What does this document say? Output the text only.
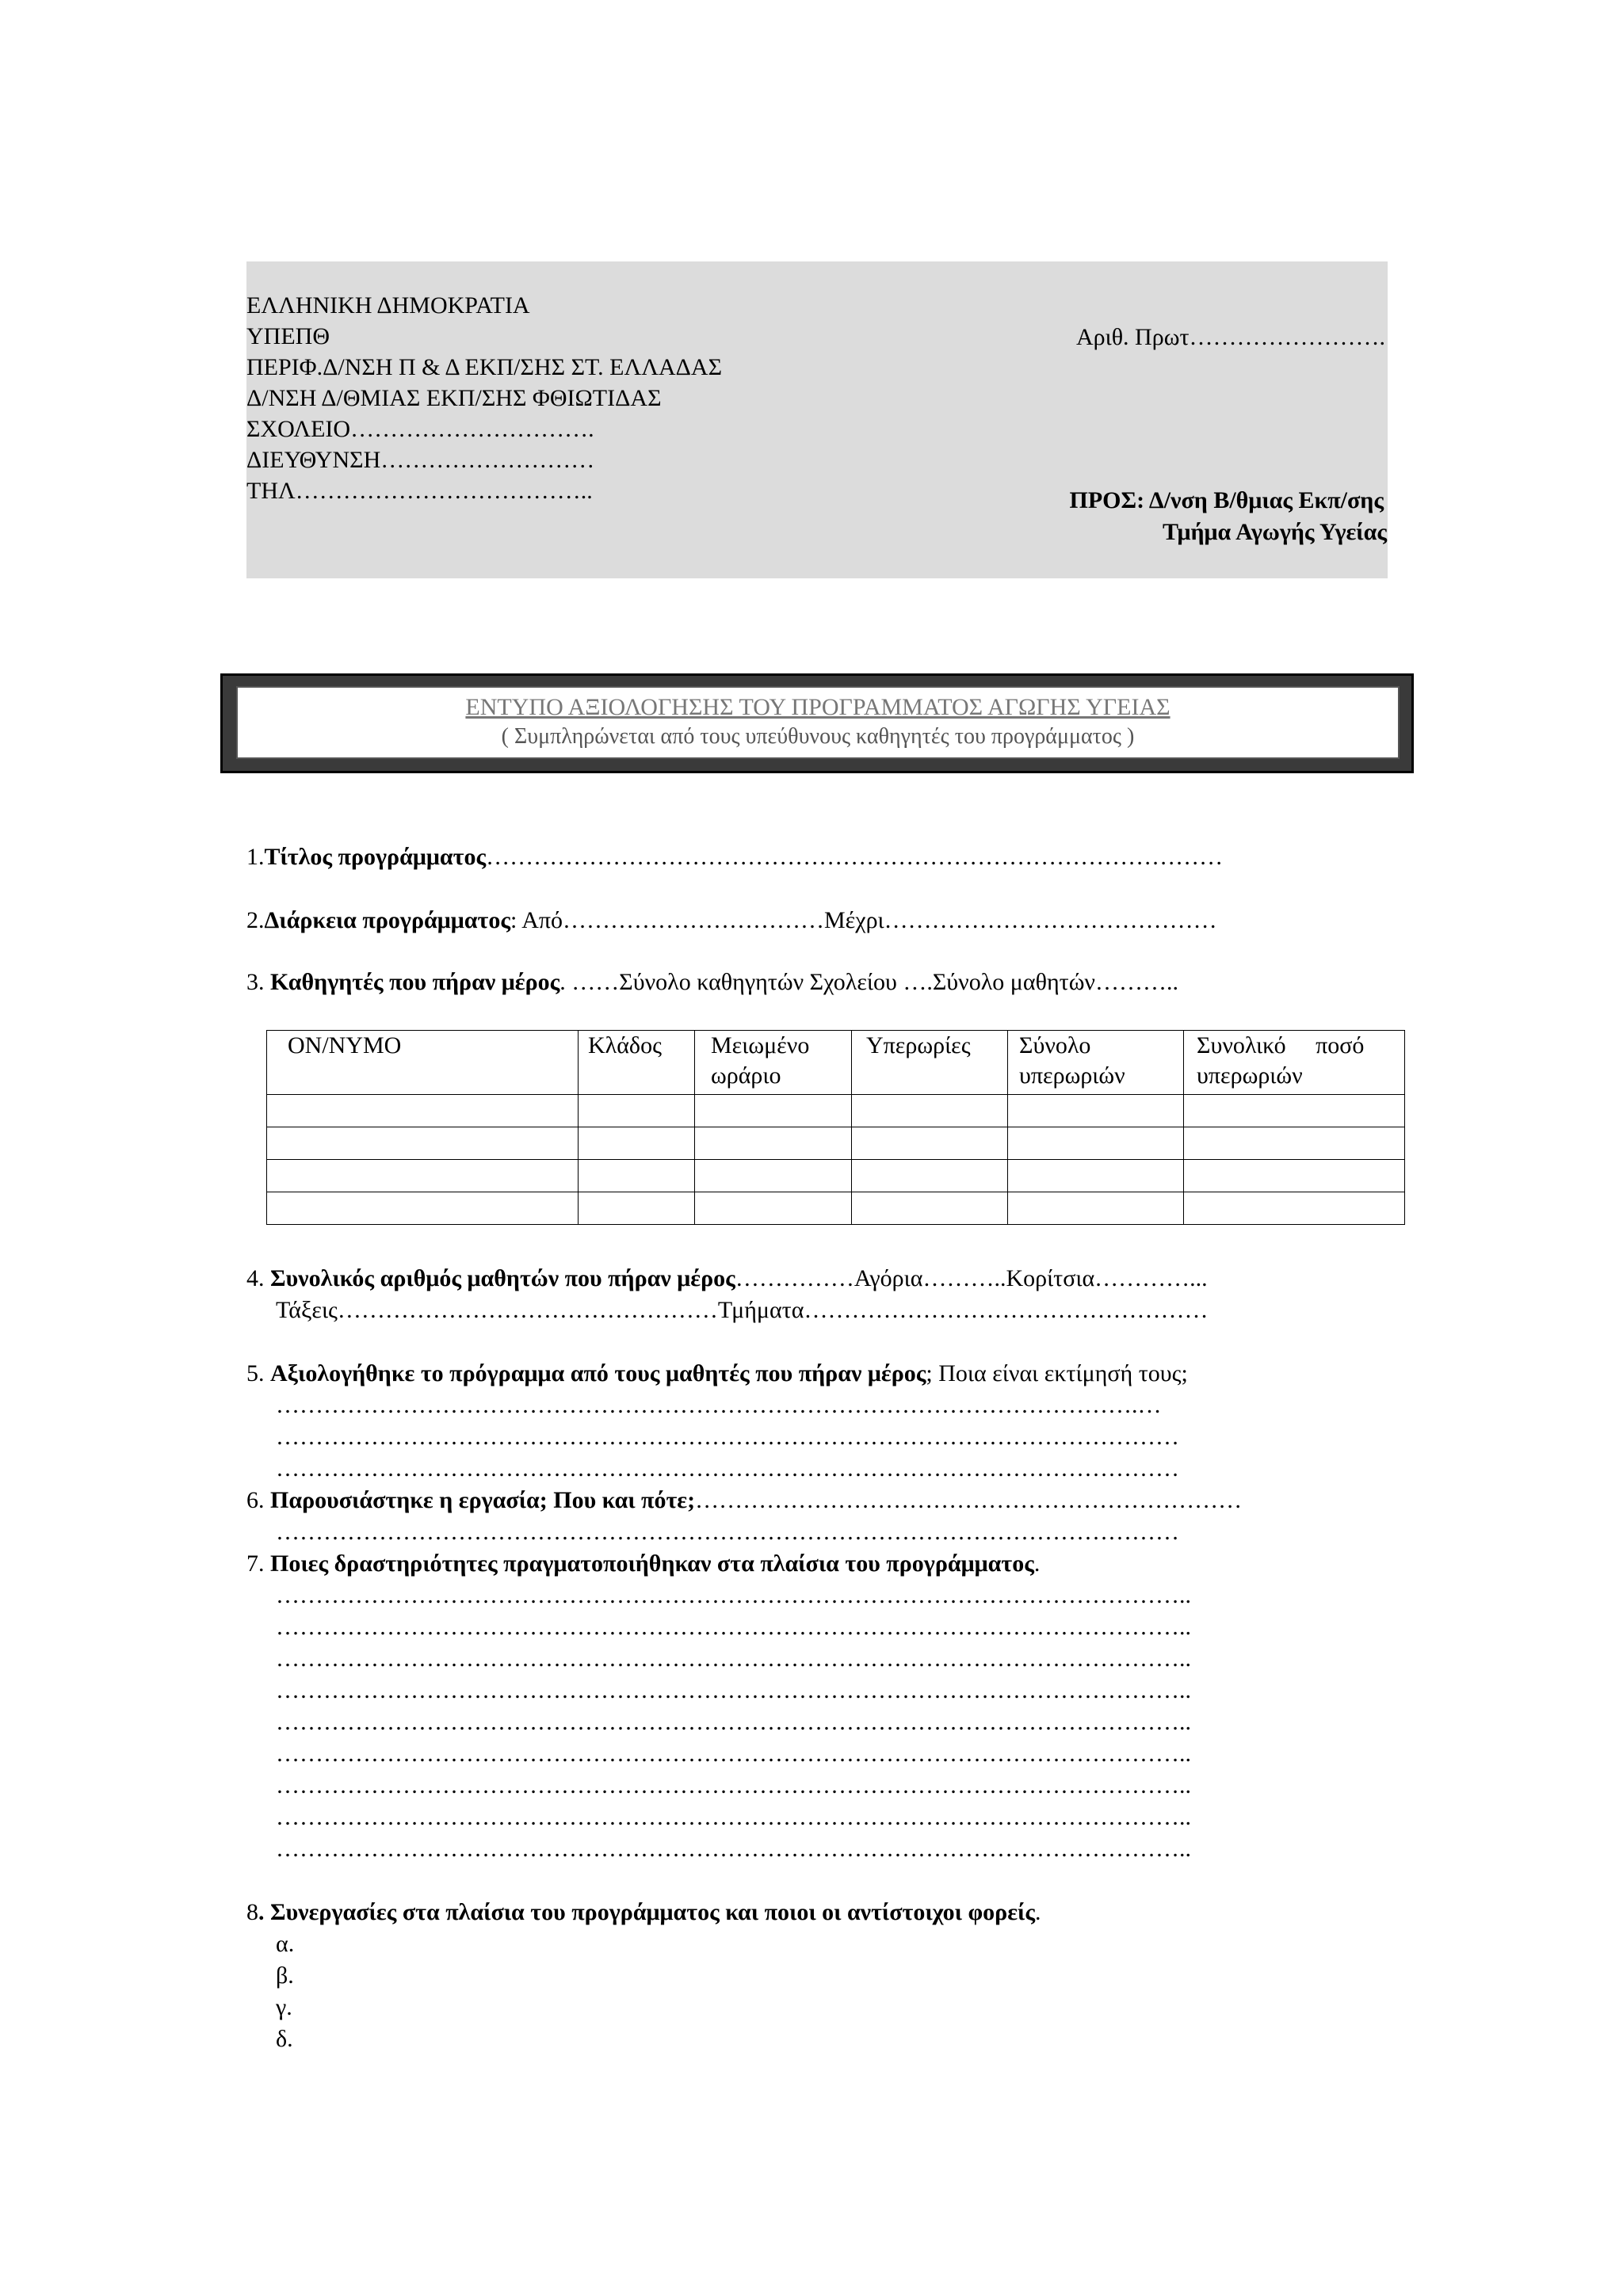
ΕΛΛΗΝΙΚΗ ΔΗΜΟΚΡΑΤΙΑ
ΥΠΕΠΘ
ΠΕΡΙΦ.Δ/ΝΣΗ Π & Δ ΕΚΠ/ΣΗΣ ΣΤ. ΕΛΛΑΔΑΣ
Δ/ΝΣΗ Δ/ΘΜΙΑΣ ΕΚΠ/ΣΗΣ ΦΘΙΩΤΙΔΑΣ
ΣΧΟΛΕΙΟ………………………….
ΔΙΕΥΘΥΝΣΗ………………………
ΤΗΛ………………………………..
Αριθ. Πρωτ…………………….
ΠΡΟΣ: Δ/νση Β/θμιας Εκπ/σης
Τμήμα Αγωγής Υγείας
ΕΝΤΥΠΟ ΑΞΙΟΛΟΓΗΣΗΣ ΤΟΥ ΠΡΟΓΡΑΜΜΑΤΟΣ ΑΓΩΓΗΣ ΥΓΕΙΑΣ
( Συμπληρώνεται από τους υπεύθυνους καθηγητές του προγράμματος )
1.Τίτλος προγράμματος…………………………………………………………………………………
2.Διάρκεια προγράμματος: Από……………………………Μέχρι……………………………………
3. Καθηγητές που πήραν μέρος. ……Σύνολο καθηγητών Σχολείου ….Σύνολο μαθητών………..
ΟΝ/ΝΥΜΟ	Κλάδος	Μειωμένο ωράριο	Υπερωρίες	Σύνολο υπερωριών	Συνολικό     ποσό υπερωριών

4. Συνολικός αριθμός μαθητών που πήραν μέρος……………Αγόρια………..Κορίτσια…………...
Τάξεις…………………………………………Τμήματα……………………………………………
5. Αξιολογήθηκε το πρόγραμμα από τους μαθητές που πήραν μέρος; Ποια είναι εκτίμησή τους;
……………………………………………………………………………………………….…
……………………………………………………………………………………………………
……………………………………………………………………………………………………
6. Παρουσιάστηκε η εργασία; Που και πότε;……………………………………………………………
……………………………………………………………………………………………………
7. Ποιες δραστηριότητες πραγματοποιήθηκαν στα πλαίσια του προγράμματος.
……………………………………………………………………………………………………..
……………………………………………………………………………………………………..
……………………………………………………………………………………………………..
……………………………………………………………………………………………………..
……………………………………………………………………………………………………..
……………………………………………………………………………………………………..
……………………………………………………………………………………………………..
……………………………………………………………………………………………………..
……………………………………………………………………………………………………..
8. Συνεργασίες στα πλαίσια του προγράμματος και ποιοι οι αντίστοιχοι φορείς.
α.
β.
γ.
δ.
